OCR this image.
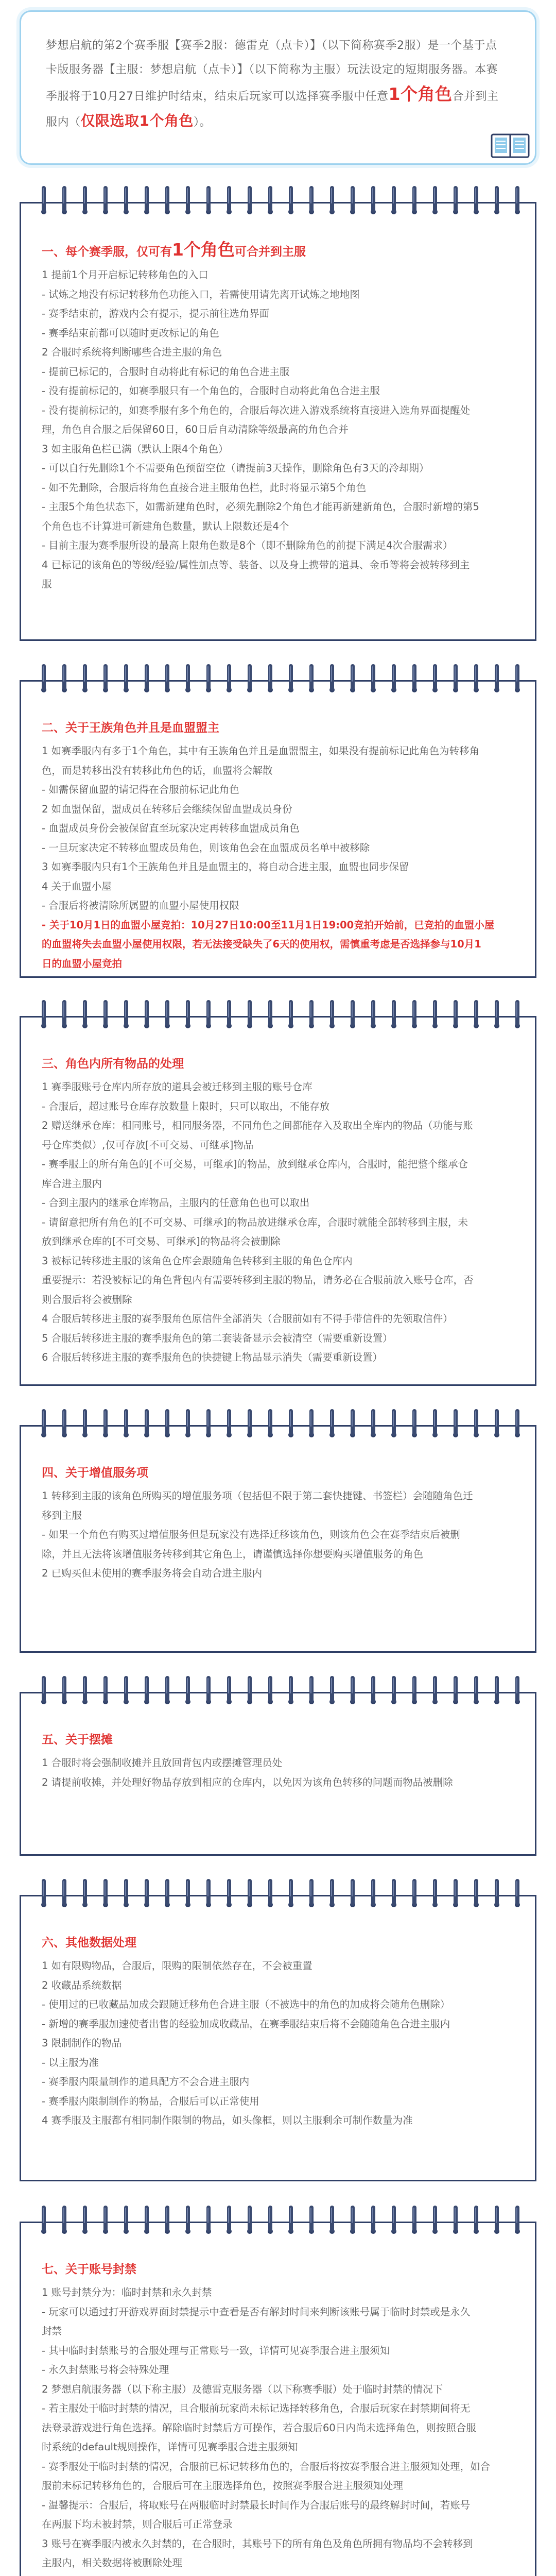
梦想启航的第2个赛季服【赛季2服：德雷克（点卡）】（以下简称赛季2服）是一个基于点卡版服务器【主服：梦想启航（点卡）】（以下简称为主服）玩法设定的短期服务器。本赛季服将于10月27日维护时结束，结束后玩家可以选择赛季服中任意1个角色合并到主服内（仅限选取1个角色）。

一、每个赛季服，仅可有1个角色可合并到主服

1 提前1个月开启标记转移角色的入口

- 试炼之地没有标记转移角色功能入口，若需使用请先离开试炼之地地图

- 赛季结束前，游戏内会有提示，提示前往选角界面

- 赛季结束前都可以随时更改标记的角色

2 合服时系统将判断哪些合进主服的角色

- 提前已标记的，合服时自动将此有标记的角色合进主服

- 没有提前标记的，如赛季服只有一个角色的，合服时自动将此角色合进主服

- 没有提前标记的，如赛季服有多个角色的，合服后每次进入游戏系统将直接进入选角界面提醒处

理，角色自合服之后保留60日，60日后自动清除等级最高的角色合并

3 如主服角色栏已满（默认上限4个角色）

- 可以自行先删除1个不需要角色预留空位（请提前3天操作，删除角色有3天的冷却期）

- 如不先删除，合服后将角色直接合进主服角色栏，此时将显示第5个角色

- 主服5个角色状态下，如需新建角色时，必须先删除2个角色才能再新建新角色，合服时新增的第5

个角色也不计算进可新建角色数量，默认上限数还是4个

- 目前主服为赛季服所设的最高上限角色数是8个（即不删除角色的前提下满足4次合服需求）

4 已标记的该角色的等级/经验/属性加点等、装备、以及身上携带的道具、金币等将会被转移到主

服

二、关于王族角色并且是血盟盟主

1 如赛季服内有多于1个角色，其中有王族角色并且是血盟盟主，如果没有提前标记此角色为转移角

色，而是转移出没有转移此角色的话，血盟将会解散

- 如需保留血盟的请记得在合服前标记此角色

2 如血盟保留，盟成员在转移后会继续保留血盟成员身份

- 血盟成员身份会被保留直至玩家决定再转移血盟成员角色

- 一旦玩家决定不转移血盟成员角色，则该角色会在血盟成员名单中被移除

3 如赛季服内只有1个王族角色并且是血盟主的，将自动合进主服，血盟也同步保留

4 关于血盟小屋

- 合服后将被清除所属盟的血盟小屋使用权限

- 关于10月1日的血盟小屋竞拍：10月27日10:00至11月1日19:00竞拍开始前，已竞拍的血盟小屋

的血盟将失去血盟小屋使用权限，若无法接受缺失了6天的使用权，需慎重考虑是否选择参与10月1

日的血盟小屋竞拍

三、角色内所有物品的处理

1 赛季服账号仓库内所存放的道具会被迁移到主服的账号仓库

- 合服后，超过账号仓库存放数量上限时，只可以取出，不能存放

2 赠送继承仓库：相同账号，相同服务器，不同角色之间都能存入及取出全库内的物品（功能与账

号仓库类似）,仅可存放[不可交易、可继承]物品

- 赛季服上的所有角色的[不可交易，可继承]的物品，放到继承仓库内，合服时，能把整个继承仓

库合进主服内

- 合到主服内的继承仓库物品，主服内的任意角色也可以取出

- 请留意把所有角色的[不可交易、可继承]的物品放进继承仓库，合服时就能全部转移到主服，未

放到继承仓库的[不可交易、可继承]的物品将会被删除

3 被标记转移进主服的该角色仓库会跟随角色转移到主服的角色仓库内

重要提示：若没被标记的角色背包内有需要转移到主服的物品，请务必在合服前放入账号仓库，否

则合服后将会被删除

4 合服后转移进主服的赛季服角色原信件全部消失（合服前如有不得手带信件的先领取信件）

5 合服后转移进主服的赛季服角色的第二套装备显示会被清空（需要重新设置）

6 合服后转移进主服的赛季服角色的快捷键上物品显示消失（需要重新设置）

四、关于增值服务项

1 转移到主服的该角色所购买的增值服务项（包括但不限于第二套快捷键、书签栏）会随随角色迁

移到主服

- 如果一个角色有购买过增值服务但是玩家没有选择迁移该角色，则该角色会在赛季结束后被删

除，并且无法将该增值服务转移到其它角色上，请谨慎选择你想要购买增值服务的角色

2 已购买但未使用的赛季服务将会自动合进主服内

五、关于摆摊

1 合服时将会强制收摊并且放回背包内或摆摊管理员处

2 请提前收摊，并处理好物品存放到相应的仓库内，以免因为该角色转移的问题而物品被删除

六、其他数据处理

1 如有限购物品，合服后，限购的限制依然存在，不会被重置

2 收藏品系统数据

- 使用过的已收藏品加成会跟随迁移角色合进主服（不被选中的角色的加成将会随角色删除）

- 新增的赛季服加速使者出售的经验加成收藏品，在赛季服结束后将不会随随角色合进主服内

3 限制制作的物品

- 以主服为准

- 赛季服内限量制作的道具配方不会合进主服内

- 赛季服内限制制作的物品，合服后可以正常使用

4 赛季服及主服都有相同制作限制的物品，如头像框，则以主服剩余可制作数量为准

七、关于账号封禁

1 账号封禁分为：临时封禁和永久封禁

- 玩家可以通过打开游戏界面封禁提示中查看是否有解封时间来判断该账号属于临时封禁或是永久

封禁

- 其中临时封禁账号的合服处理与正常账号一致，详情可见赛季服合进主服须知

- 永久封禁账号将会特殊处理

2 梦想启航服务器（以下称主服）及德雷克服务器（以下称赛季服）处于临时封禁的情况下

- 若主服处于临时封禁的情况，且合服前玩家尚未标记选择转移角色，合服后玩家在封禁期间将无

法登录游戏进行角色选择。解除临时封禁后方可操作，若合服后60日内尚未选择角色，则按照合服

时系统的default规则操作，详情可见赛季服合进主服须知

- 赛季服处于临时封禁的情况，合服前已标记转移角色的，合服后将按赛季服合进主服须知处理，如合

服前未标记转移角色的，合服后可在主服选择角色，按照赛季服合进主服须知处理

- 温馨提示：合服后，将取账号在两服临时封禁最长时间作为合服后账号的最终解封时间，若账号

在两服下均未被封禁，则合服后可正常登录

3 账号在赛季服内被永久封禁的，在合服时，其账号下的所有角色及角色所拥有物品均不会转移到

主服内，相关数据将被删除处理
